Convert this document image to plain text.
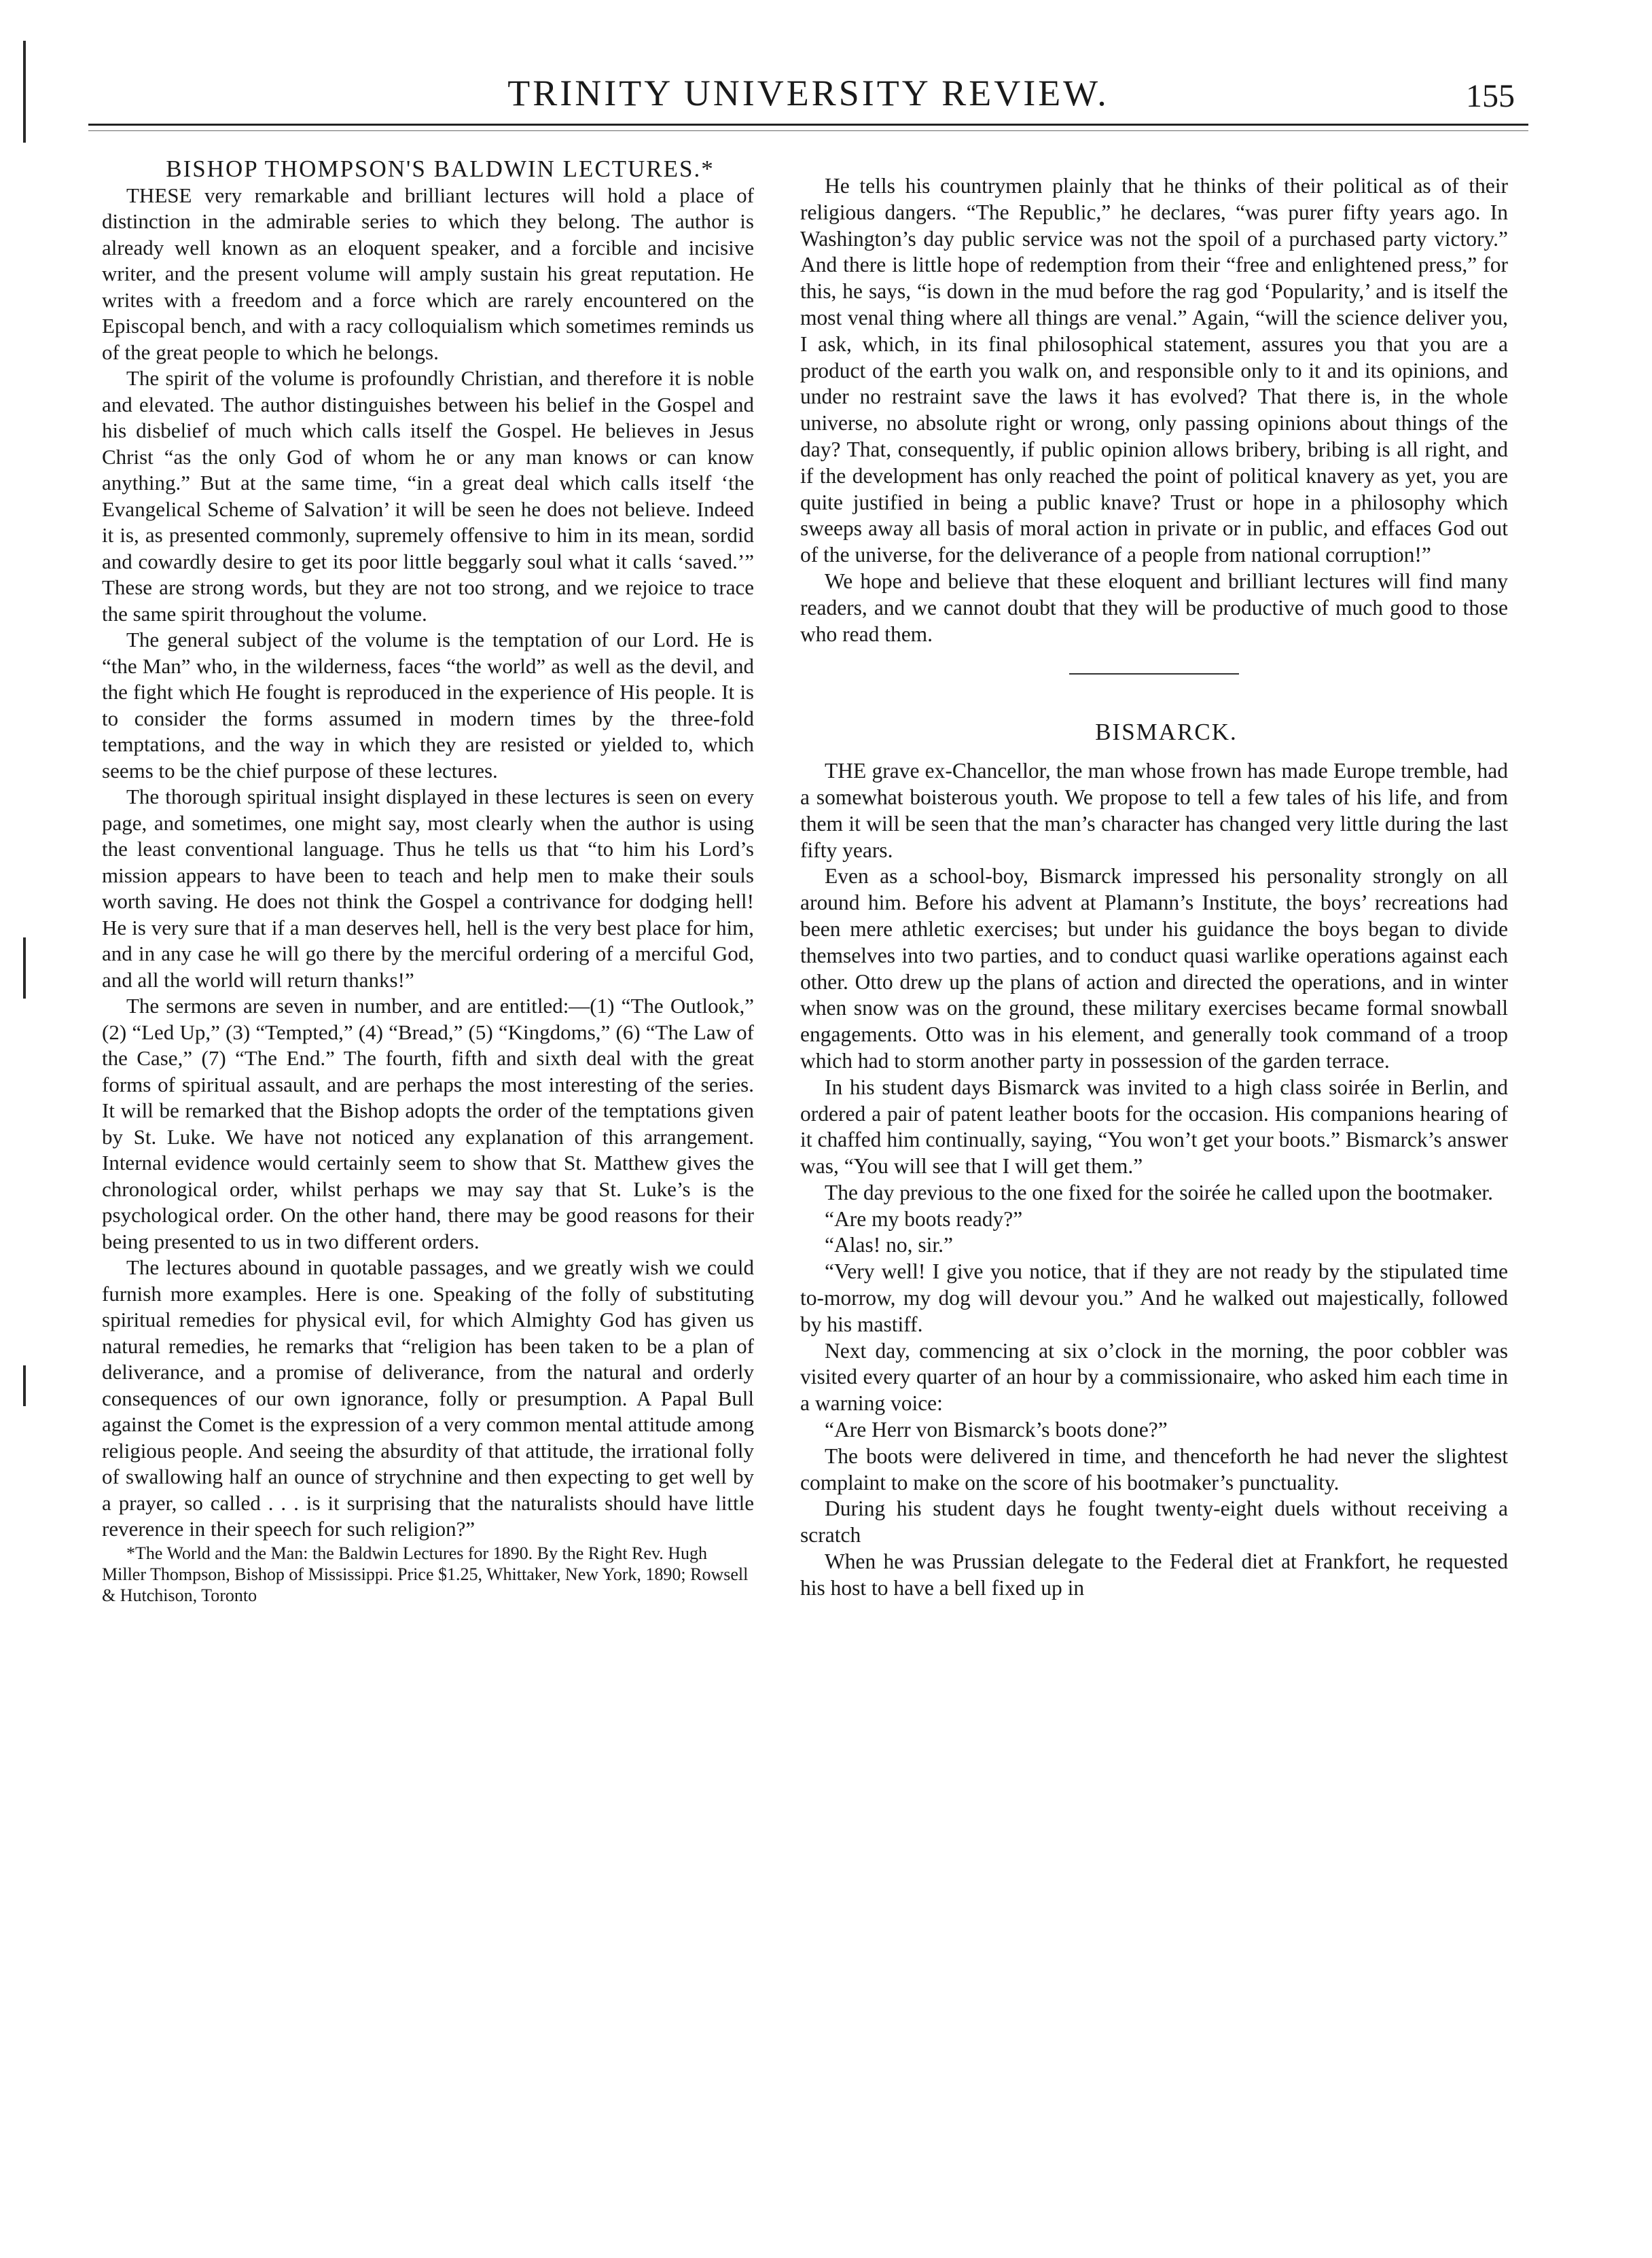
TRINITY UNIVERSITY REVIEW.	155

BISHOP THOMPSON'S BALDWIN LECTURES.*

THESE very remarkable and brilliant lectures will hold a place of distinction in the admirable series to which they belong. The author is already well known as an eloquent speaker, and a forcible and incisive writer, and the present volume will amply sustain his great reputation. He writes with a freedom and a force which are rarely encountered on the Episcopal bench, and with a racy colloquialism which sometimes reminds us of the great people to which he belongs.

The spirit of the volume is profoundly Christian, and therefore it is noble and elevated. The author distinguishes between his belief in the Gospel and his disbelief of much which calls itself the Gospel. He believes in Jesus Christ “as the only God of whom he or any man knows or can know anything.” But at the same time, “in a great deal which calls itself ‘the Evangelical Scheme of Salvation’ it will be seen he does not believe. Indeed it is, as presented commonly, supremely offensive to him in its mean, sordid and cowardly desire to get its poor little beggarly soul what it calls ‘saved.’” These are strong words, but they are not too strong, and we rejoice to trace the same spirit throughout the volume.

The general subject of the volume is the temptation of our Lord. He is “the Man” who, in the wilderness, faces “the world” as well as the devil, and the fight which He fought is reproduced in the experience of His people. It is to consider the forms assumed in modern times by the three-fold temptations, and the way in which they are resisted or yielded to, which seems to be the chief purpose of these lectures.

The thorough spiritual insight displayed in these lectures is seen on every page, and sometimes, one might say, most clearly when the author is using the least conventional language. Thus he tells us that “to him his Lord’s mission appears to have been to teach and help men to make their souls worth saving. He does not think the Gospel a contrivance for dodging hell! He is very sure that if a man deserves hell, hell is the very best place for him, and in any case he will go there by the merciful ordering of a merciful God, and all the world will return thanks!”

The sermons are seven in number, and are entitled:—(1) “The Outlook,” (2) “Led Up,” (3) “Tempted,” (4) “Bread,” (5) “Kingdoms,” (6) “The Law of the Case,” (7) “The End.” The fourth, fifth and sixth deal with the great forms of spiritual assault, and are perhaps the most interesting of the series. It will be remarked that the Bishop adopts the order of the temptations given by St. Luke. We have not noticed any explanation of this arrangement. Internal evidence would certainly seem to show that St. Matthew gives the chronological order, whilst perhaps we may say that St. Luke’s is the psychological order. On the other hand, there may be good reasons for their being presented to us in two different orders.

The lectures abound in quotable passages, and we greatly wish we could furnish more examples. Here is one. Speaking of the folly of substituting spiritual remedies for physical evil, for which Almighty God has given us natural remedies, he remarks that “religion has been taken to be a plan of deliverance, and a promise of deliverance, from the natural and orderly consequences of our own ignorance, folly or presumption. A Papal Bull against the Comet is the expression of a very common mental attitude among religious people. And seeing the absurdity of that attitude, the irrational folly of swallowing half an ounce of strychnine and then expecting to get well by a prayer, so called . . . is it surprising that the naturalists should have little reverence in their speech for such religion?”

*The World and the Man: the Baldwin Lectures for 1890. By the Right Rev. Hugh Miller Thompson, Bishop of Mississippi. Price $1.25, Whittaker, New York, 1890; Rowsell & Hutchison, Toronto

He tells his countrymen plainly that he thinks of their political as of their religious dangers. “The Republic,” he declares, “was purer fifty years ago. In Washington’s day public service was not the spoil of a purchased party victory.” And there is little hope of redemption from their “free and enlightened press,” for this, he says, “is down in the mud before the rag god ‘Popularity,’ and is itself the most venal thing where all things are venal.” Again, “will the science deliver you, I ask, which, in its final philosophical statement, assures you that you are a product of the earth you walk on, and responsible only to it and its opinions, and under no restraint save the laws it has evolved? That there is, in the whole universe, no absolute right or wrong, only passing opinions about things of the day? That, consequently, if public opinion allows bribery, bribing is all right, and if the development has only reached the point of political knavery as yet, you are quite justified in being a public knave? Trust or hope in a philosophy which sweeps away all basis of moral action in private or in public, and effaces God out of the universe, for the deliverance of a people from national corruption!”

We hope and believe that these eloquent and brilliant lectures will find many readers, and we cannot doubt that they will be productive of much good to those who read them.

BISMARCK.

THE grave ex-Chancellor, the man whose frown has made Europe tremble, had a somewhat boisterous youth. We propose to tell a few tales of his life, and from them it will be seen that the man’s character has changed very little during the last fifty years.

Even as a school-boy, Bismarck impressed his personality strongly on all around him. Before his advent at Plamann’s Institute, the boys’ recreations had been mere athletic exercises; but under his guidance the boys began to divide themselves into two parties, and to conduct quasi warlike operations against each other. Otto drew up the plans of action and directed the operations, and in winter when snow was on the ground, these military exercises became formal snowball engagements. Otto was in his element, and generally took command of a troop which had to storm another party in possession of the garden terrace.

In his student days Bismarck was invited to a high class soirée in Berlin, and ordered a pair of patent leather boots for the occasion. His companions hearing of it chaffed him continually, saying, “You won’t get your boots.” Bismarck’s answer was, “You will see that I will get them.”

The day previous to the one fixed for the soirée he called upon the bootmaker.

“Are my boots ready?”

“Alas! no, sir.”

“Very well! I give you notice, that if they are not ready by the stipulated time to-morrow, my dog will devour you.” And he walked out majestically, followed by his mastiff.

Next day, commencing at six o’clock in the morning, the poor cobbler was visited every quarter of an hour by a commissionaire, who asked him each time in a warning voice:

“Are Herr von Bismarck’s boots done?”

The boots were delivered in time, and thenceforth he had never the slightest complaint to make on the score of his bootmaker’s punctuality.

During his student days he fought twenty-eight duels without receiving a scratch

When he was Prussian delegate to the Federal diet at Frankfort, he requested his host to have a bell fixed up in
